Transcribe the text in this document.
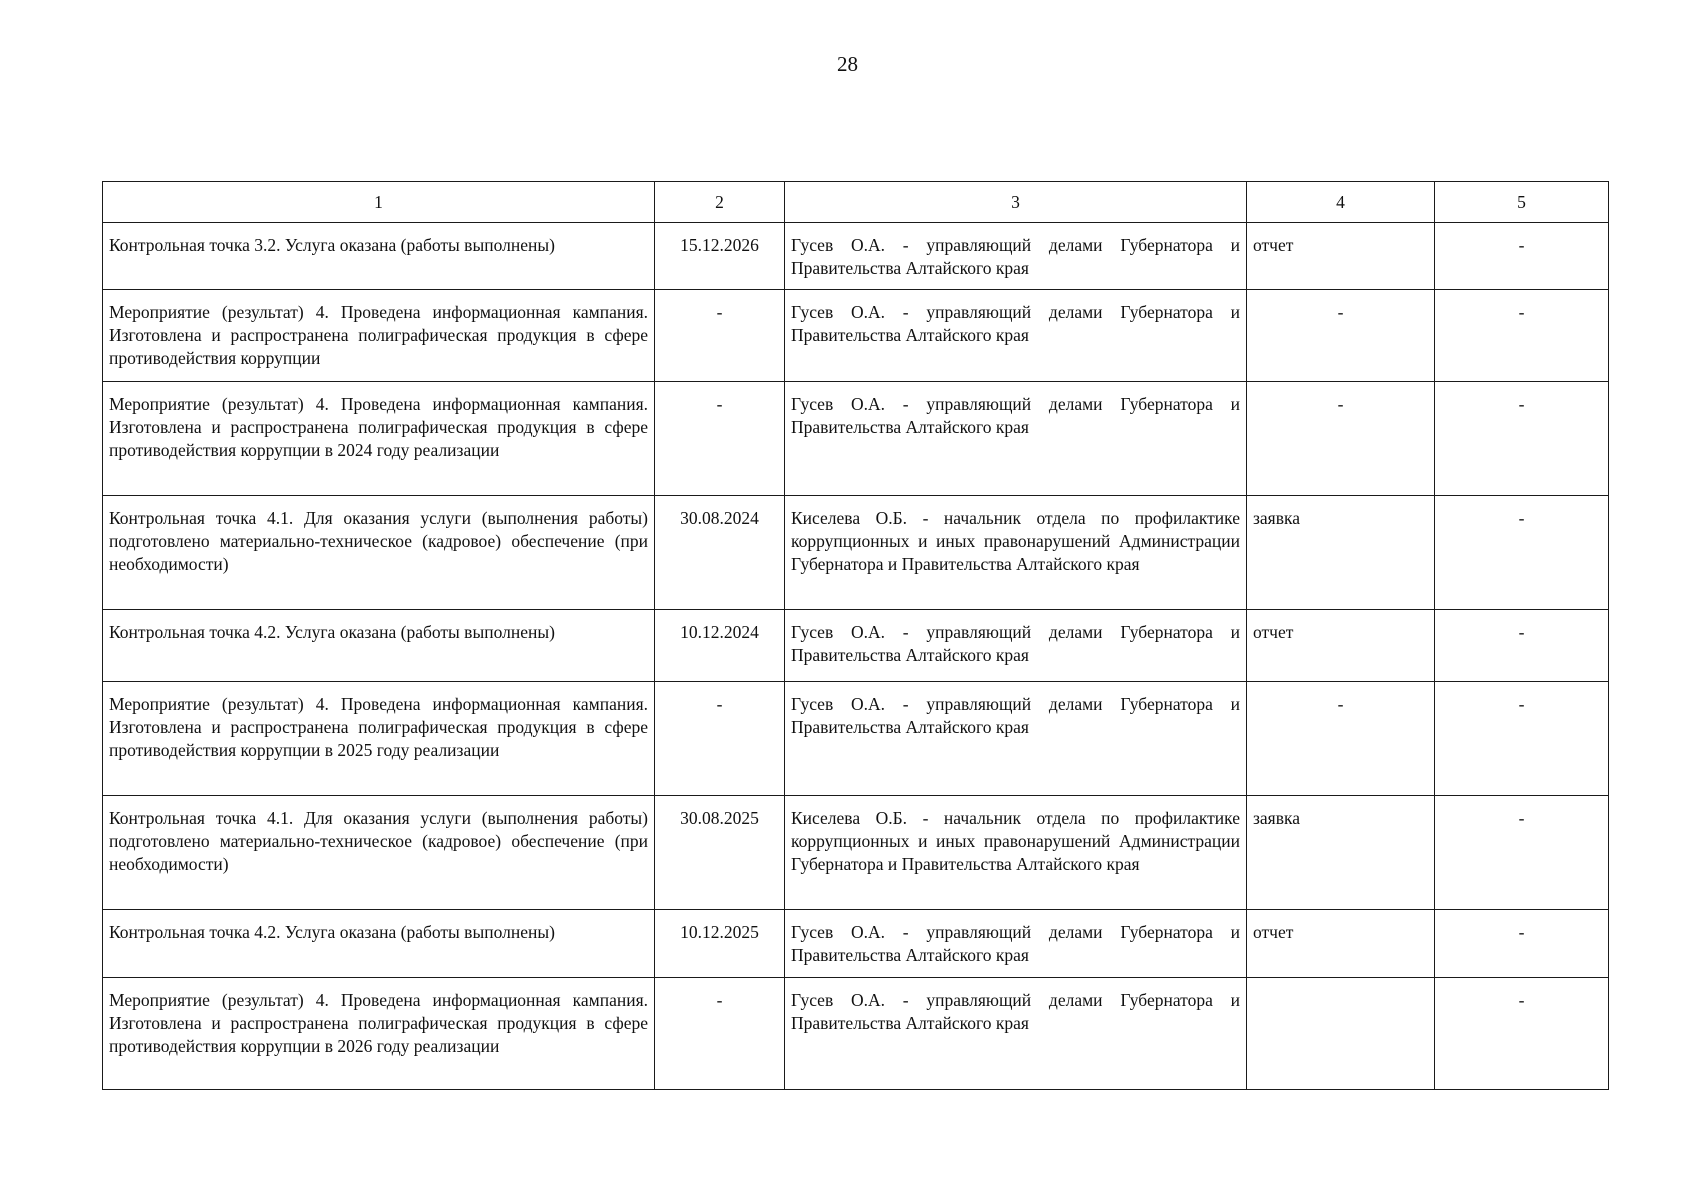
28
1	2	3	4	5
Контрольная точка 3.2. Услуга оказана (работы выполнены)	15.12.2026	Гусев О.А. - управляющий делами Губернатора и Правительства Алтайского края	отчет	-
Мероприятие (результат) 4. Проведена информационная кампания. Изготовлена и распространена полиграфическая продукция в сфере противодействия коррупции	-	Гусев О.А. - управляющий делами Губернатора и Правительства Алтайского края	-	-
Мероприятие (результат) 4. Проведена информационная кампания. Изготовлена и распространена полиграфическая продукция в сфере противодействия коррупции в 2024 году реализации	-	Гусев О.А. - управляющий делами Губернатора и Правительства Алтайского края	-	-
Контрольная точка 4.1. Для оказания услуги (выполнения работы) подготовлено материально-техническое (кадровое) обеспечение (при необходимости)	30.08.2024	Киселева О.Б. - начальник отдела по профилактике коррупционных и иных правонарушений Администрации Губернатора и Правительства Алтайского края	заявка	-
Контрольная точка 4.2. Услуга оказана (работы выполнены)	10.12.2024	Гусев О.А. - управляющий делами Губернатора и Правительства Алтайского края	отчет	-
Мероприятие (результат) 4. Проведена информационная кампания. Изготовлена и распространена полиграфическая продукция в сфере противодействия коррупции в 2025 году реализации	-	Гусев О.А. - управляющий делами Губернатора и Правительства Алтайского края	-	-
Контрольная точка 4.1. Для оказания услуги (выполнения работы) подготовлено материально-техническое (кадровое) обеспечение (при необходимости)	30.08.2025	Киселева О.Б. - начальник отдела по профилактике коррупционных и иных правонарушений Администрации Губернатора и Правительства Алтайского края	заявка	-
Контрольная точка 4.2. Услуга оказана (работы выполнены)	10.12.2025	Гусев О.А. - управляющий делами Губернатора и Правительства Алтайского края	отчет	-
Мероприятие (результат) 4. Проведена информационная кампания. Изготовлена и распространена полиграфическая продукция в сфере противодействия коррупции в 2026 году реализации	-	Гусев О.А. - управляющий делами Губернатора и Правительства Алтайского края		-
